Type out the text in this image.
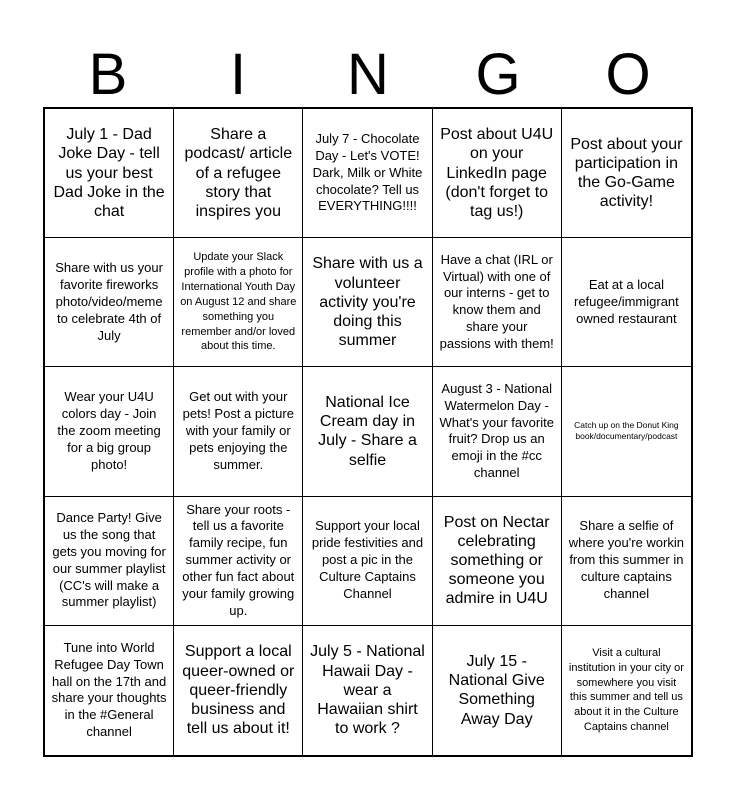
B	I	N	G	O
July 1 - Dad Joke Day - tell us your best Dad Joke in the chat
Share a podcast/ article of a refugee story that inspires you
July 7 - Chocolate Day - Let's VOTE! Dark, Milk or White chocolate? Tell us EVERYTHING!!!!
Post about U4U on your LinkedIn page (don't forget to tag us!)
Post about your participation in the Go-Game activity!
Share with us your favorite fireworks photo/video/meme to celebrate 4th of July
Update your Slack profile with a photo for International Youth Day on August 12 and share something you remember and/or loved about this time.
Share with us a volunteer activity you're doing this summer
Have a chat (IRL or Virtual) with one of our interns - get to know them and share your passions with them!
Eat at a local refugee/immigrant owned restaurant
Wear your U4U colors day - Join the zoom meeting for a big group photo!
Get out with your pets! Post a picture with your family or pets enjoying the summer.
National Ice Cream day in July - Share a selfie
August 3 - National Watermelon Day - What's your favorite fruit? Drop us an emoji in the #cc channel
Catch up on the Donut King book/documentary/podcast
Dance Party! Give us the song that gets you moving for our summer playlist (CC's will make a summer playlist)
Share your roots - tell us a favorite family recipe, fun summer activity or other fun fact about your family growing up.
Support your local pride festivities and post a pic in the Culture Captains Channel
Post on Nectar celebrating something or someone you admire in U4U
Share a selfie of where you're workin from this summer in culture captains channel
Tune into World Refugee Day Town hall on the 17th and share your thoughts in the #General channel
Support a local queer-owned or queer-friendly business and tell us about it!
July 5 - National Hawaii Day - wear a Hawaiian shirt to work ?
July 15 - National Give Something Away Day
Visit a cultural institution in your city or somewhere you visit this summer and tell us about it in the Culture Captains channel
